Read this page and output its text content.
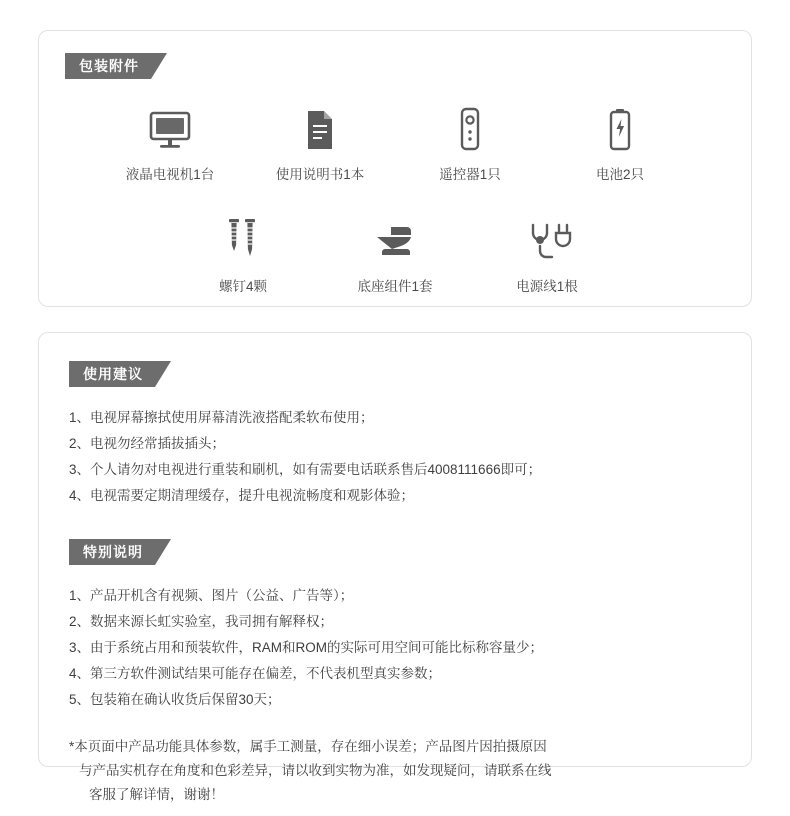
包装附件
液晶电视机1台	使用说明书1本	遥控器1只	电池2只
螺钉4颗	底座组件1套	电源线1根
使用建议
1、电视屏幕擦拭使用屏幕清洗液搭配柔软布使用；
2、电视勿经常插拔插头；
3、个人请勿对电视进行重装和刷机，如有需要电话联系售后4008111666即可；
4、电视需要定期清理缓存，提升电视流畅度和观影体验；
特别说明
1、产品开机含有视频、图片（公益、广告等）；
2、数据来源长虹实验室，我司拥有解释权；
3、由于系统占用和预装软件，RAM和ROM的实际可用空间可能比标称容量少；
4、第三方软件测试结果可能存在偏差，不代表机型真实参数；
5、包装箱在确认收货后保留30天；
*本页面中产品功能具体参数，属手工测量，存在细小误差；产品图片因拍摄原因
与产品实机存在角度和色彩差异，请以收到实物为准，如发现疑问，请联系在线
客服了解详情，谢谢！
